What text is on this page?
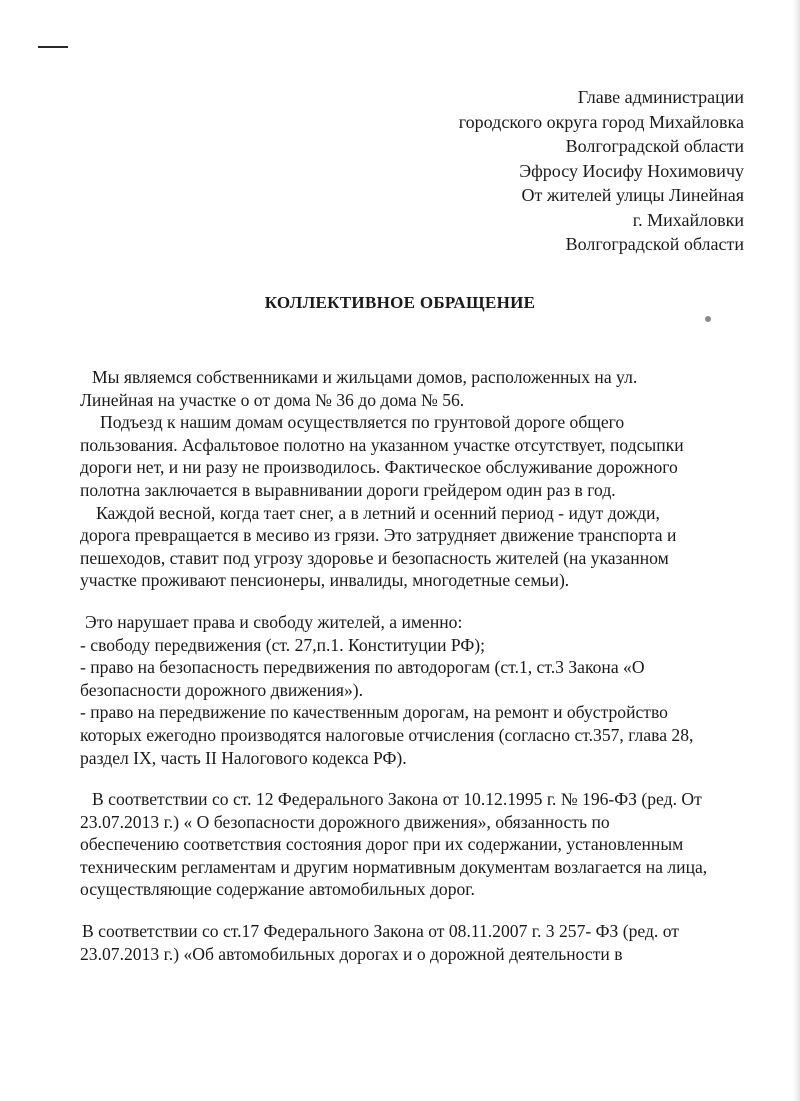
Главе администрации
городского округа город Михайловка
Волгоградской области
Эфросу Иосифу Нохимовичу
От жителей улицы Линейная
г. Михайловки
Волгоградской области
КОЛЛЕКТИВНОЕ ОБРАЩЕНИЕ
Мы являемся собственниками и жильцами домов, расположенных на ул.
Линейная на участке о от дома № 36 до дома № 56.
Подъезд к нашим домам осуществляется по грунтовой дороге общего
пользования. Асфальтовое полотно на указанном участке отсутствует, подсыпки
дороги нет, и ни разу не производилось. Фактическое обслуживание дорожного
полотна заключается в выравнивании дороги грейдером один раз в год.
Каждой весной, когда тает снег, а в летний и осенний период - идут дожди,
дорога превращается в месиво из грязи. Это затрудняет движение транспорта и
пешеходов, ставит под угрозу здоровье и безопасность жителей (на указанном
участке проживают пенсионеры, инвалиды, многодетные семьи).
Это нарушает права и свободу жителей, а именно:
- свободу передвижения (ст. 27,п.1. Конституции РФ);
- право на безопасность передвижения по автодорогам (ст.1, ст.3 Закона «О
безопасности дорожного движения»).
- право на передвижение по качественным дорогам, на ремонт и обустройство
которых ежегодно производятся налоговые отчисления (согласно ст.357, глава 28,
раздел IX, часть II Налогового кодекса РФ).
В соответствии со ст. 12 Федерального Закона от 10.12.1995 г. № 196-ФЗ (ред. От
23.07.2013 г.) « О безопасности дорожного движения», обязанность по
обеспечению соответствия состояния дорог при их содержании, установленным
техническим регламентам и другим нормативным документам возлагается на лица,
осуществляющие содержание автомобильных дорог.
В соответствии со ст.17 Федерального Закона от 08.11.2007 г. 3 257- ФЗ (ред. от
23.07.2013 г.) «Об автомобильных дорогах и о дорожной деятельности в
